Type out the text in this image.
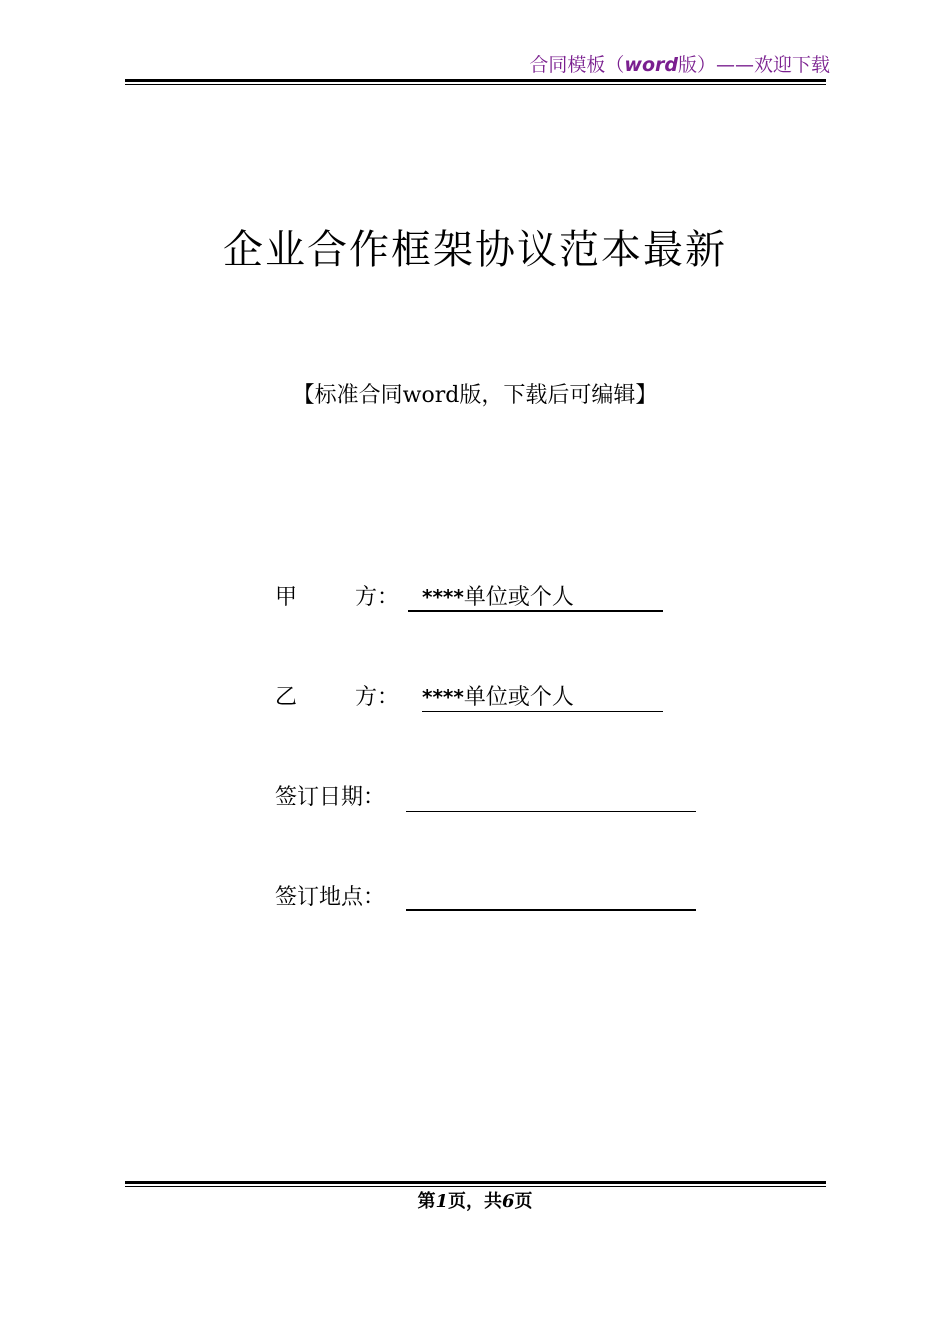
合同模板（word版）——欢迎下载
企业合作框架协议范本最新
【标准合同word版，下载后可编辑】
甲	方： ****单位或个人
乙	方： ****单位或个人
签订日期：
签订地点：
第1页，共6页
